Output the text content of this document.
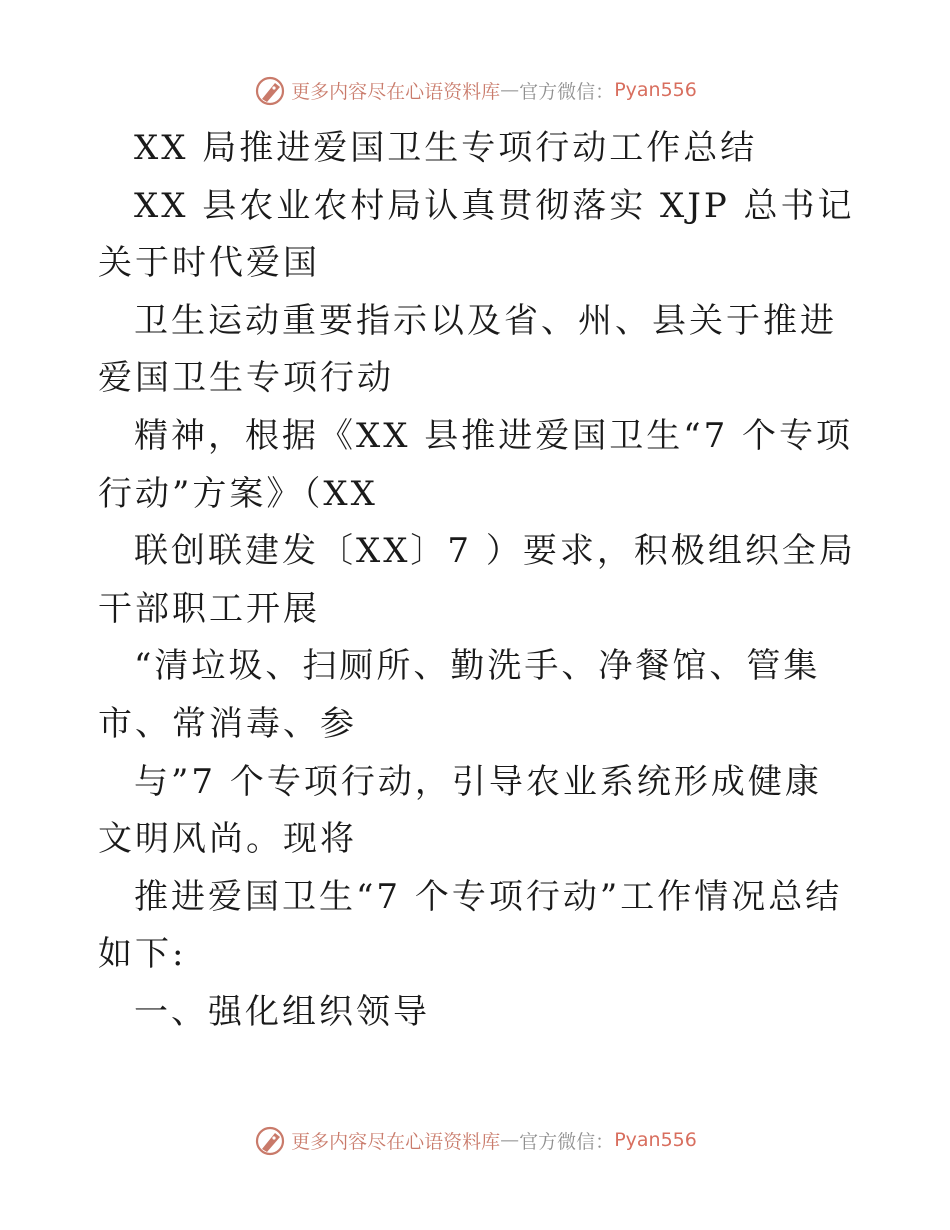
更多内容尽在心语资料库 — 官方微信： Pyan556

XX 局推进爱国卫生专项行动工作总结

XX 县农业农村局认真贯彻落实 XJP 总书记关于时代爱国

卫生运动重要指示以及省、州、县关于推进爱国卫生专项行动

精神，根据《XX 县推进爱国卫生“7 个专项行动”方案》（XX

联创联建发〔XX〕7 ）要求，积极组织全局干部职工开展

“清垃圾、扫厕所、勤洗手、净餐馆、管集市、常消毒、参

与”7 个专项行动，引导农业系统形成健康文明风尚。现将

推进爱国卫生“7 个专项行动”工作情况总结如下:

一、强化组织领导

更多内容尽在心语资料库 — 官方微信： Pyan556
